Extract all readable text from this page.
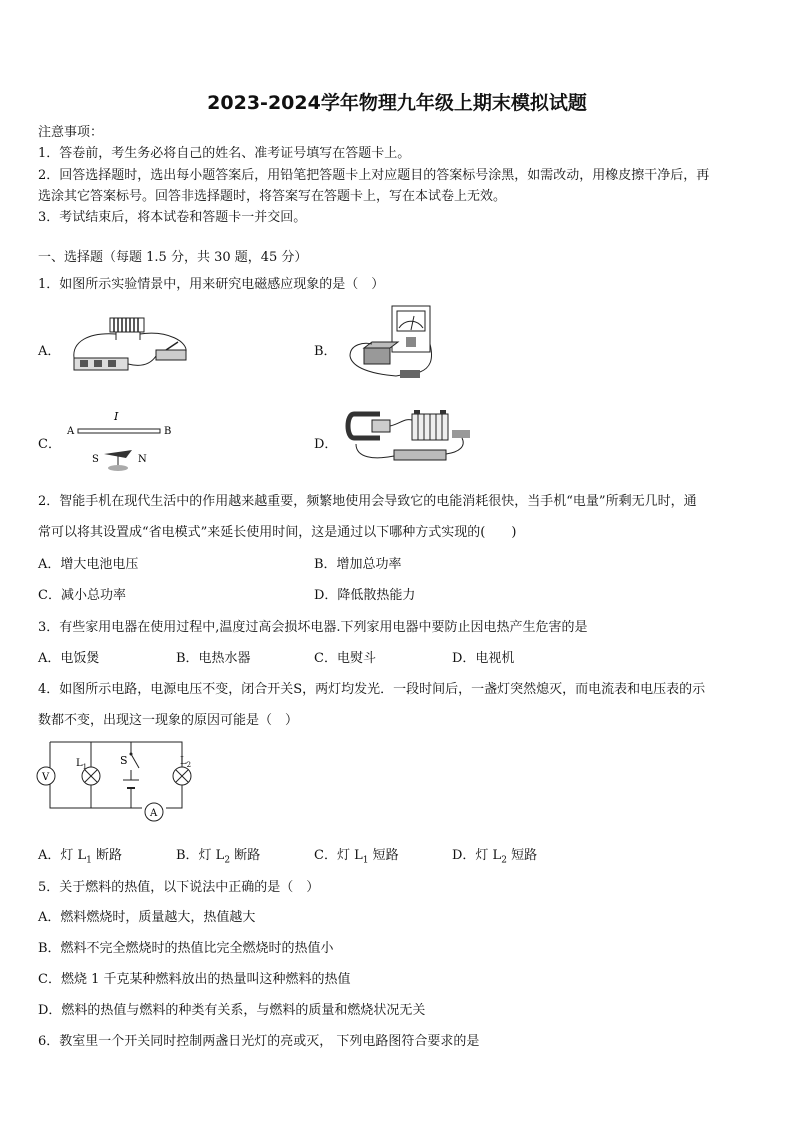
2023-2024学年物理九年级上期末模拟试题
注意事项：
1．答卷前，考生务必将自己的姓名、准考证号填写在答题卡上。
2．回答选择题时，选出每小题答案后，用铅笔把答题卡上对应题目的答案标号涂黑，如需改动，用橡皮擦干净后，再
选涂其它答案标号。回答非选择题时，将答案写在答题卡上，写在本试卷上无效。
3．考试结束后，将本试卷和答题卡一并交回。
一、选择题（每题 1.5 分，共 30 题，45 分）
1．如图所示实验情景中，用来研究电磁感应现象的是（　）
A．	B．
C．
I
A	B
S	N
D．
2．智能手机在现代生活中的作用越来越重要，频繁地使用会导致它的电能消耗很快，当手机“电量”所剩无几时，通
常可以将其设置成“省电模式”来延长使用时间，这是通过以下哪种方式实现的(　　)
A．增大电池电压	B．增加总功率
C．减小总功率	D．降低散热能力
3．有些家用电器在使用过程中,温度过高会损坏电器.下列家用电器中要防止因电热产生危害的是
A．电饭煲	B．电热水器	C．电熨斗	D．电视机
4．如图所示电路，电源电压不变，闭合开关S，两灯均发光．一段时间后，一盏灯突然熄灭，而电流表和电压表的示
数都不变，出现这一现象的原因可能是（　）
V
$L_1$	$L_2$
S
A
A．灯 $L_1$ 断路	B．灯 $L_2$ 断路	C．灯 $L_1$ 短路	D．灯 $L_2$ 短路
5．关于燃料的热值，以下说法中正确的是（　）
A．燃料燃烧时，质量越大，热值越大
B．燃料不完全燃烧时的热值比完全燃烧时的热值小
C．燃烧 1 千克某种燃料放出的热量叫这种燃料的热值
D．燃料的热值与燃料的种类有关系，与燃料的质量和燃烧状况无关
6．教室里一个开关同时控制两盏日光灯的亮或灭， 下列电路图符合要求的是
